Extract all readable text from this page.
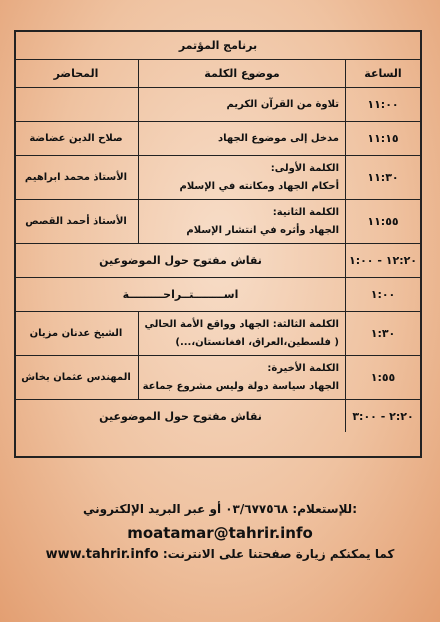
برنامج المؤتمر
الساعة
موضوع الكلمة
المحاضر
١١:٠٠
تلاوة من القرآن الكريم
١١:١٥
مدخل إلى موضوع الجهاد
صلاح الدين عضاضة
١١:٣٠
الكلمة الأولى:
أحكام الجهاد ومكانته في الإسلام
الأستاذ محمد ابراهيم
١١:٥٥
الكلمة الثانية:
الجهاد وأثره في انتشار الإسلام
الأستاذ أحمد القصص
١٢:٢٠ - ١:٠٠
نقاش مفتوح حول الموضوعين
١:٠٠
اســــــــتــراحـــــــــة
١:٣٠
الكلمة الثالثة: الجهاد وواقع الأمة الحالي
( فلسطين،العراق، افغانستان،...)
الشيخ عدنان مزيان
١:٥٥
الكلمة الأخيرة:
الجهاد سياسة دولة وليس مشروع جماعة
المهندس عثمان بخاش
٢:٢٠ - ٣:٠٠
نقاش مفتوح حول الموضوعين
للإستعلام: ٠٣/٦٧٧٥٦٨ أو عبر البريد الإلكتروني:
moatamar@tahrir.info
كما يمكنكم زيارة صفحتنا على الانترنت: www.tahrir.info
